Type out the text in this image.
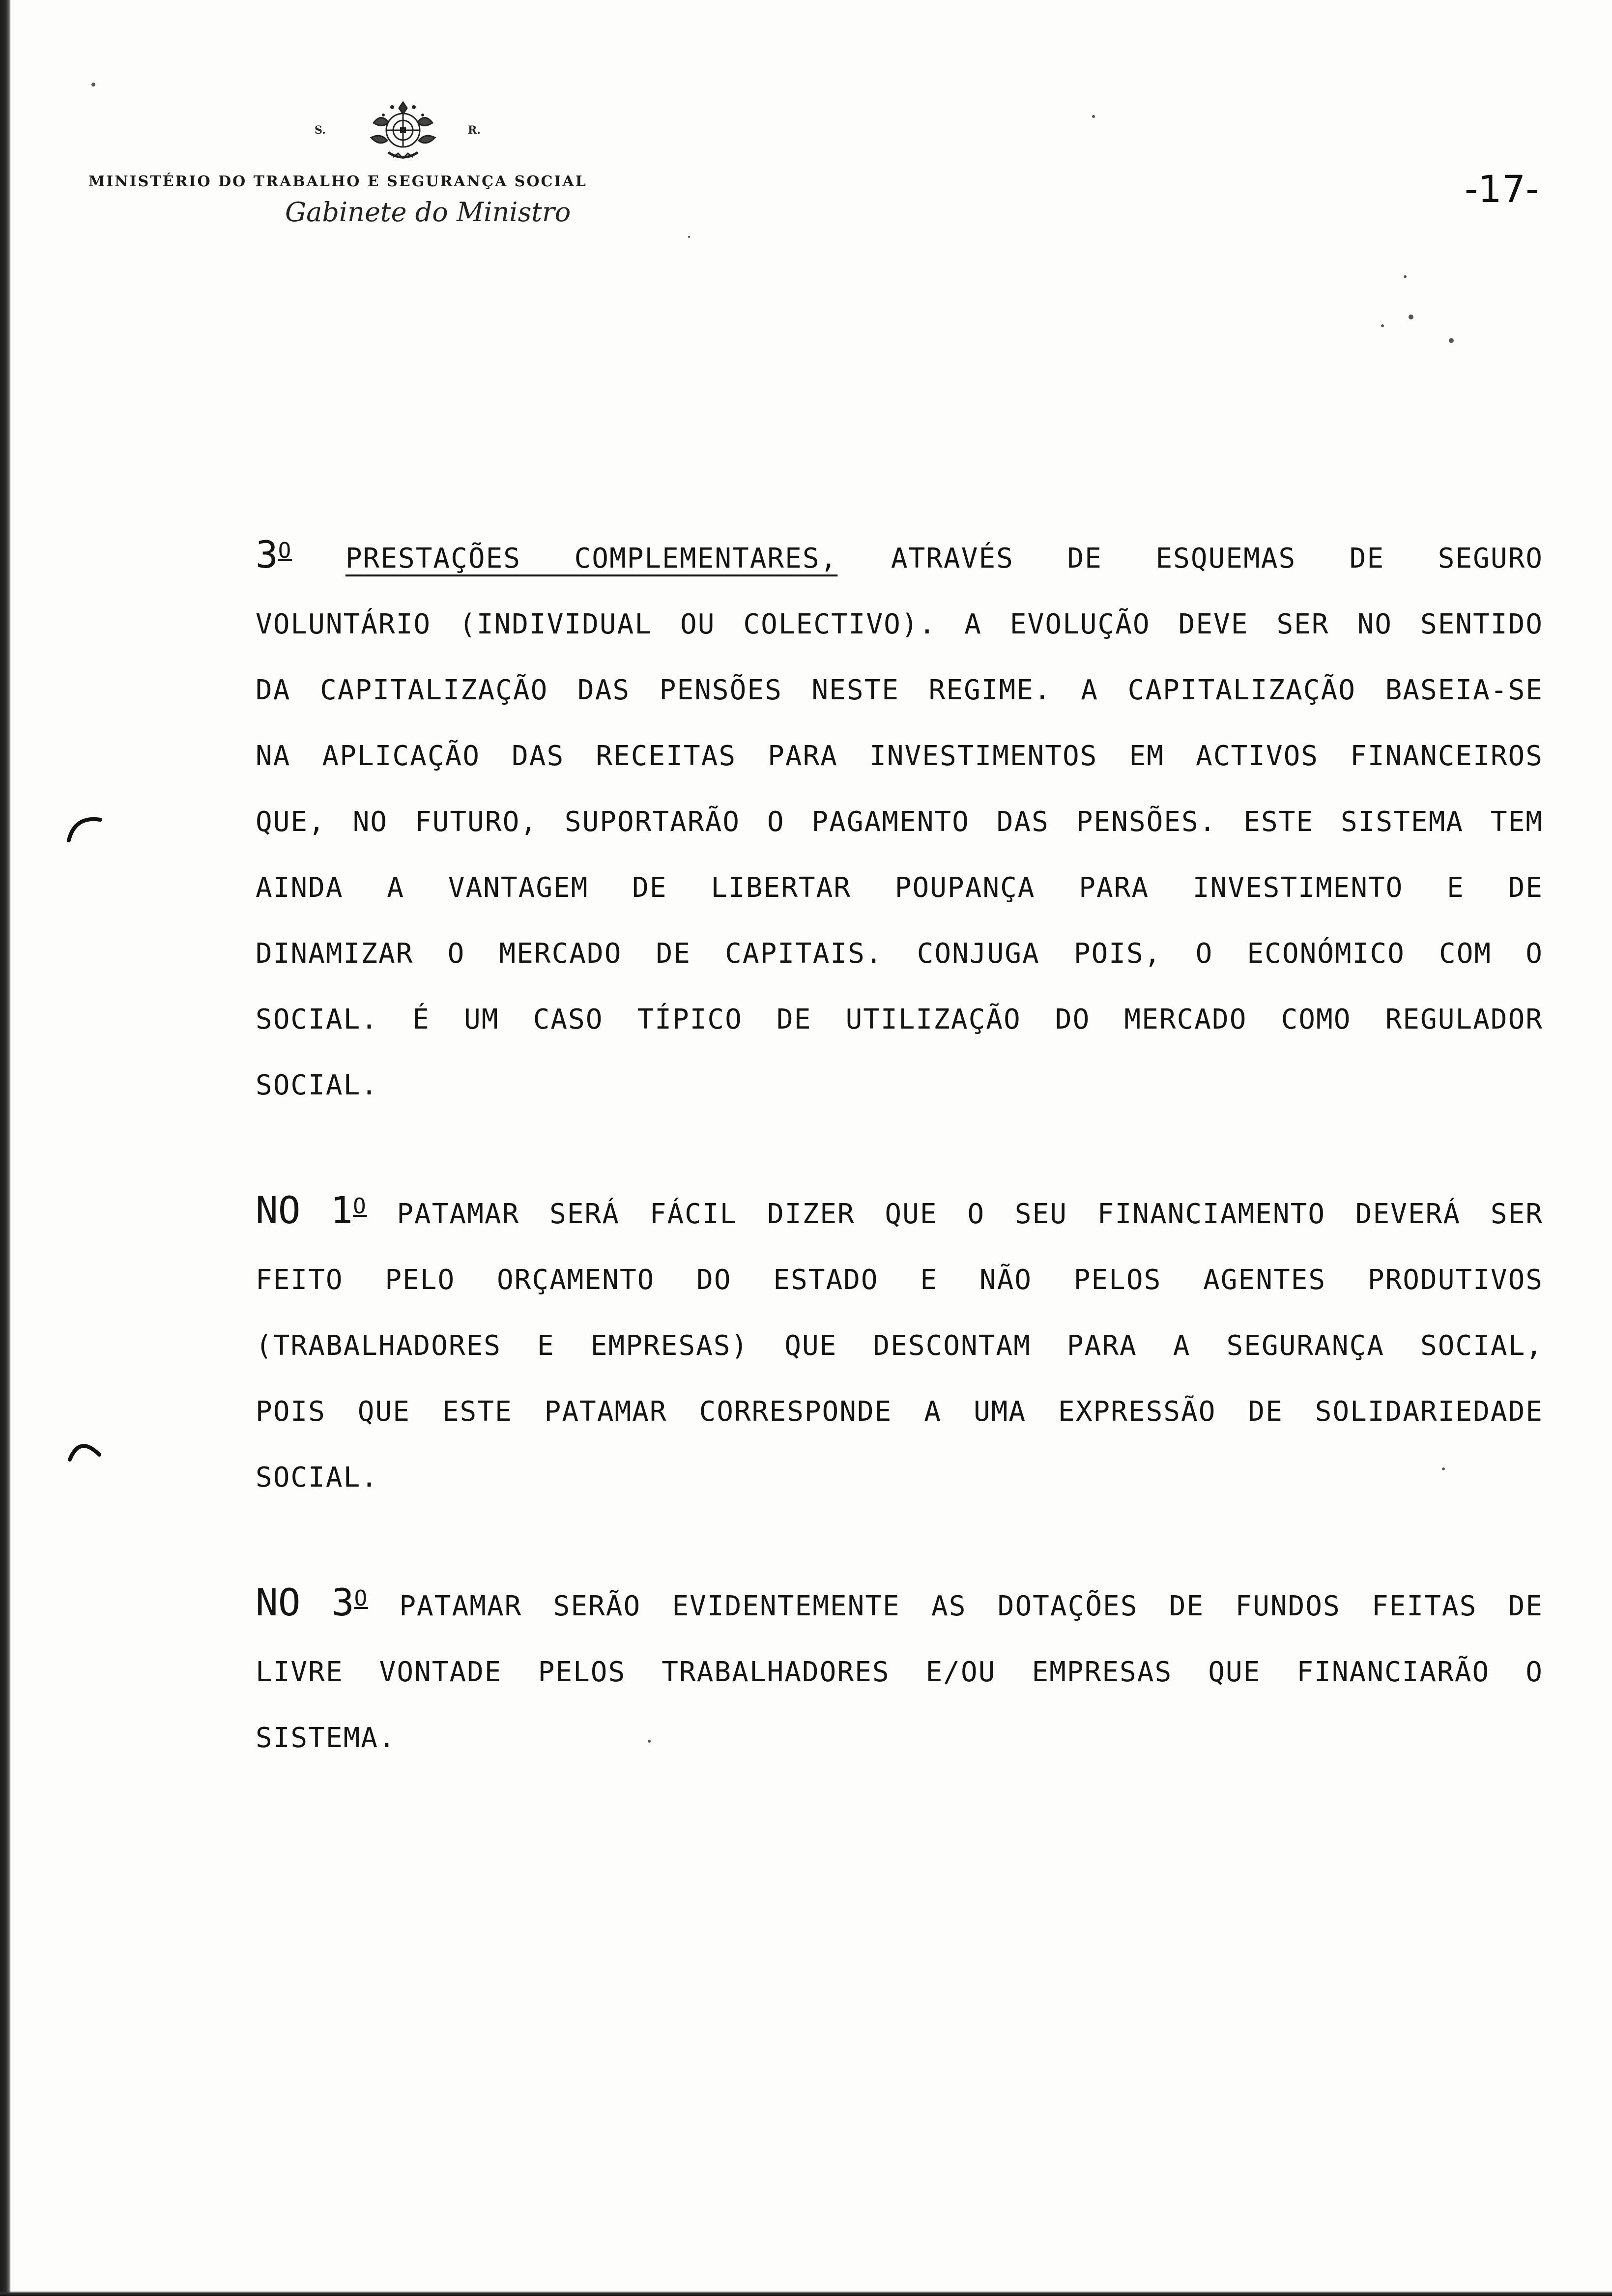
S.	R.
MINISTÉRIO DO TRABALHO E SEGURANÇA SOCIAL
Gabinete do Ministro
-17-

$3^O$ PRESTAÇÕES COMPLEMENTARES, ATRAVÉS DE ESQUEMAS DE SEGURO VOLUNTÁRIO (INDIVIDUAL OU COLECTIVO). A EVOLUÇÃO DEVE SER NO SENTIDO DA CAPITALIZAÇÃO DAS PENSÕES NESTE REGIME. A CAPITALIZAÇÃO BASEIA-SE NA APLICAÇÃO DAS RECEITAS PARA INVESTIMENTOS EM ACTIVOS FINANCEIROS QUE, NO FUTURO, SUPORTARÃO O PAGAMENTO DAS PENSÕES. ESTE SISTEMA TEM AINDA A VANTAGEM DE LIBERTAR POUPANÇA PARA INVESTIMENTO E DE DINAMIZAR O MERCADO DE CAPITAIS. CONJUGA POIS, O ECONÓMICO COM O SOCIAL. É UM CASO TÍPICO DE UTILIZAÇÃO DO MERCADO COMO REGULADOR SOCIAL.

NO $1^O$ PATAMAR SERÁ FÁCIL DIZER QUE O SEU FINANCIAMENTO DEVERÁ SER FEITO PELO ORÇAMENTO DO ESTADO E NÃO PELOS AGENTES PRODUTIVOS (TRABALHADORES E EMPRESAS) QUE DESCONTAM PARA A SEGURANÇA SOCIAL, POIS QUE ESTE PATAMAR CORRESPONDE A UMA EXPRESSÃO DE SOLIDARIEDADE SOCIAL.

NO $3^O$ PATAMAR SERÃO EVIDENTEMENTE AS DOTAÇÕES DE FUNDOS FEITAS DE LIVRE VONTADE PELOS TRABALHADORES E/OU EMPRESAS QUE FINANCIARÃO O SISTEMA.
